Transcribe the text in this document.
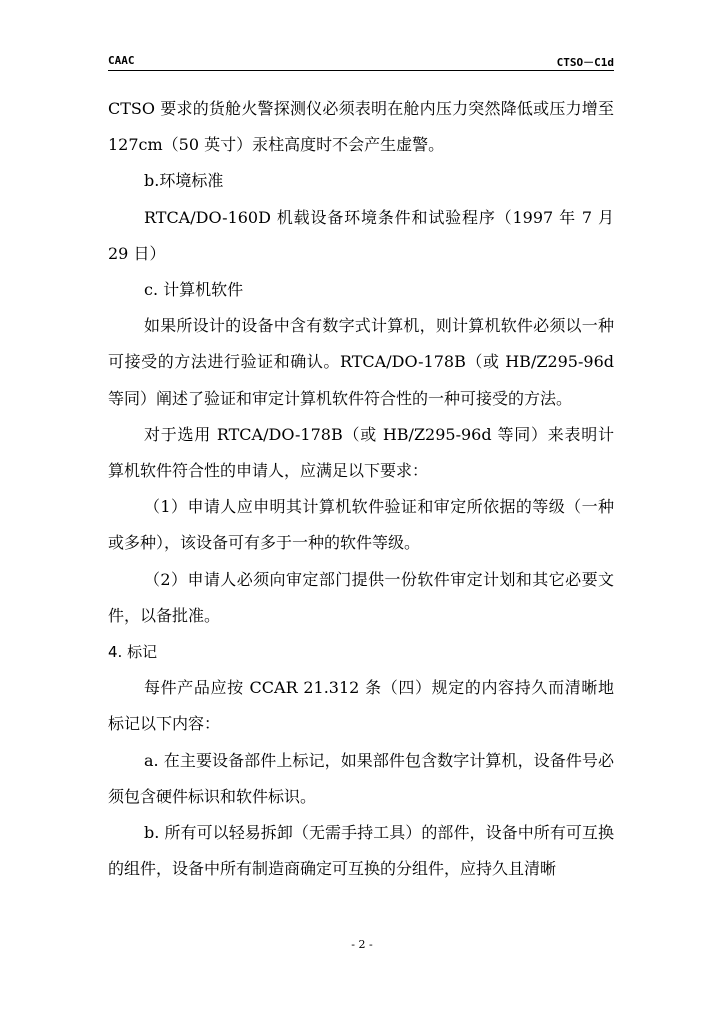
CAAC	CTSO－C1d

CTSO 要求的货舱火警探测仪必须表明在舱内压力突然降低或压力增至 127cm（50 英寸）汞柱高度时不会产生虚警。

b.环境标准

RTCA/DO-160D 机载设备环境条件和试验程序（1997 年 7 月 29 日）

c. 计算机软件

如果所设计的设备中含有数字式计算机，则计算机软件必须以一种可接受的方法进行验证和确认。RTCA/DO-178B（或 HB/Z295-96d 等同）阐述了验证和审定计算机软件符合性的一种可接受的方法。

对于选用 RTCA/DO-178B（或 HB/Z295-96d 等同）来表明计算机软件符合性的申请人，应满足以下要求：

（1）申请人应申明其计算机软件验证和审定所依据的等级（一种或多种），该设备可有多于一种的软件等级。

（2）申请人必须向审定部门提供一份软件审定计划和其它必要文件，以备批准。

4. 标记

每件产品应按 CCAR 21.312 条（四）规定的内容持久而清晰地标记以下内容：

a. 在主要设备部件上标记，如果部件包含数字计算机，设备件号必须包含硬件标识和软件标识。

b. 所有可以轻易拆卸（无需手持工具）的部件，设备中所有可互换的组件，设备中所有制造商确定可互换的分组件，应持久且清晰

- 2 -
